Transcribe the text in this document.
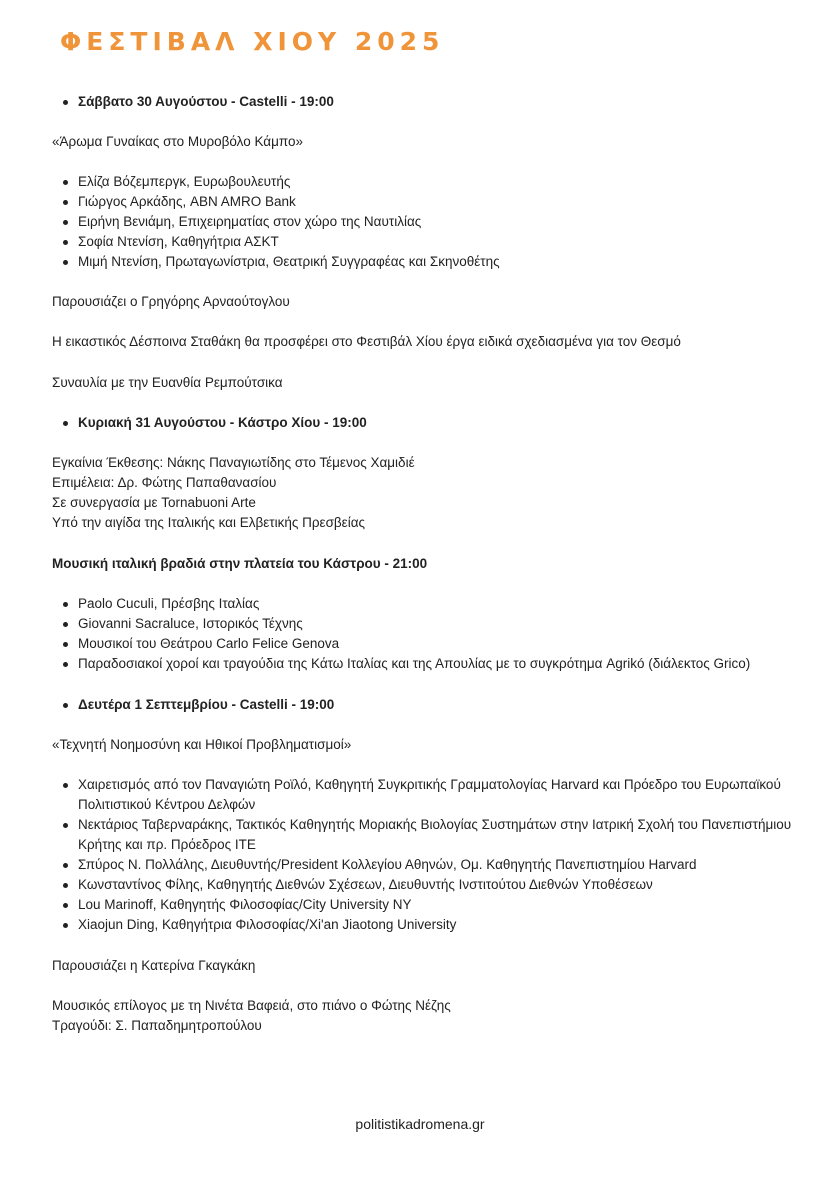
ΦΕΣΤΙΒΑΛ ΧΙΟΥ 2025
Σάββατο 30 Αυγούστου - Castelli - 19:00

«Άρωμα Γυναίκας στο Μυροβόλο Κάμπο»

Ελίζα Βόζεμπεργκ, Ευρωβουλευτής
Γιώργος Αρκάδης, ABN AMRO Bank
Ειρήνη Βενιάμη, Επιχειρηματίας στον χώρο της Ναυτιλίας
Σοφία Ντενίση, Καθηγήτρια ΑΣΚΤ
Μιμή Ντενίση, Πρωταγωνίστρια, Θεατρική Συγγραφέας και Σκηνοθέτης

Παρουσιάζει ο Γρηγόρης Αρναούτογλου

Η εικαστικός Δέσποινα Σταθάκη θα προσφέρει στο Φεστιβάλ Χίου έργα ειδικά σχεδιασμένα για τον Θεσμό

Συναυλία με την Ευανθία Ρεμπούτσικα

Κυριακή 31 Αυγούστου - Κάστρο Χίου - 19:00
Εγκαίνια Έκθεσης: Νάκης Παναγιωτίδης στο Τέμενος Χαμιδιέ
Επιμέλεια: Δρ. Φώτης Παπαθανασίου
Σε συνεργασία με Tornabuoni Arte
Υπό την αιγίδα της Ιταλικής και Ελβετικής Πρεσβείας

Μουσική ιταλική βραδιά στην πλατεία του Κάστρου - 21:00

Paolo Cuculi, Πρέσβης Ιταλίας
Giovanni Sacraluce, Ιστορικός Τέχνης
Μουσικοί του Θεάτρου Carlo Felice Genova
Παραδοσιακοί χοροί και τραγούδια της Κάτω Ιταλίας και της Απουλίας με το συγκρότημα Agrikó (διάλεκτος Grico)
Δευτέρα 1 Σεπτεμβρίου - Castelli - 19:00

«Τεχνητή Νοημοσύνη και Ηθικοί Προβληματισμοί»

Χαιρετισμός από τον Παναγιώτη Ροϊλό, Καθηγητή Συγκριτικής Γραμματολογίας Harvard και Πρόεδρο του Ευρωπαϊκού Πολιτιστικού Κέντρου Δελφών
Νεκτάριος Ταβερναράκης, Τακτικός Καθηγητής Μοριακής Βιολογίας Συστημάτων στην Ιατρική Σχολή του Πανεπιστήμιου Κρήτης και πρ. Πρόεδρος ΙΤΕ
Σπύρος Ν. Πολλάλης, Διευθυντής/President Κολλεγίου Αθηνών, Ομ. Καθηγητής Πανεπιστημίου Harvard
Κωνσταντίνος Φίλης, Καθηγητής Διεθνών Σχέσεων, Διευθυντής Ινστιτούτου Διεθνών Υποθέσεων
Lou Marinoff, Καθηγητής Φιλοσοφίας/City University NY
Xiaojun Ding, Καθηγήτρια Φιλοσοφίας/Xi'an Jiaotong University

Παρουσιάζει η Κατερίνα Γκαγκάκη

Μουσικός επίλογος με τη Νινέτα Βαφειά, στο πιάνο ο Φώτης Νέζης
Τραγούδι: Σ. Παπαδημητροπούλου
politistikadromena.gr
